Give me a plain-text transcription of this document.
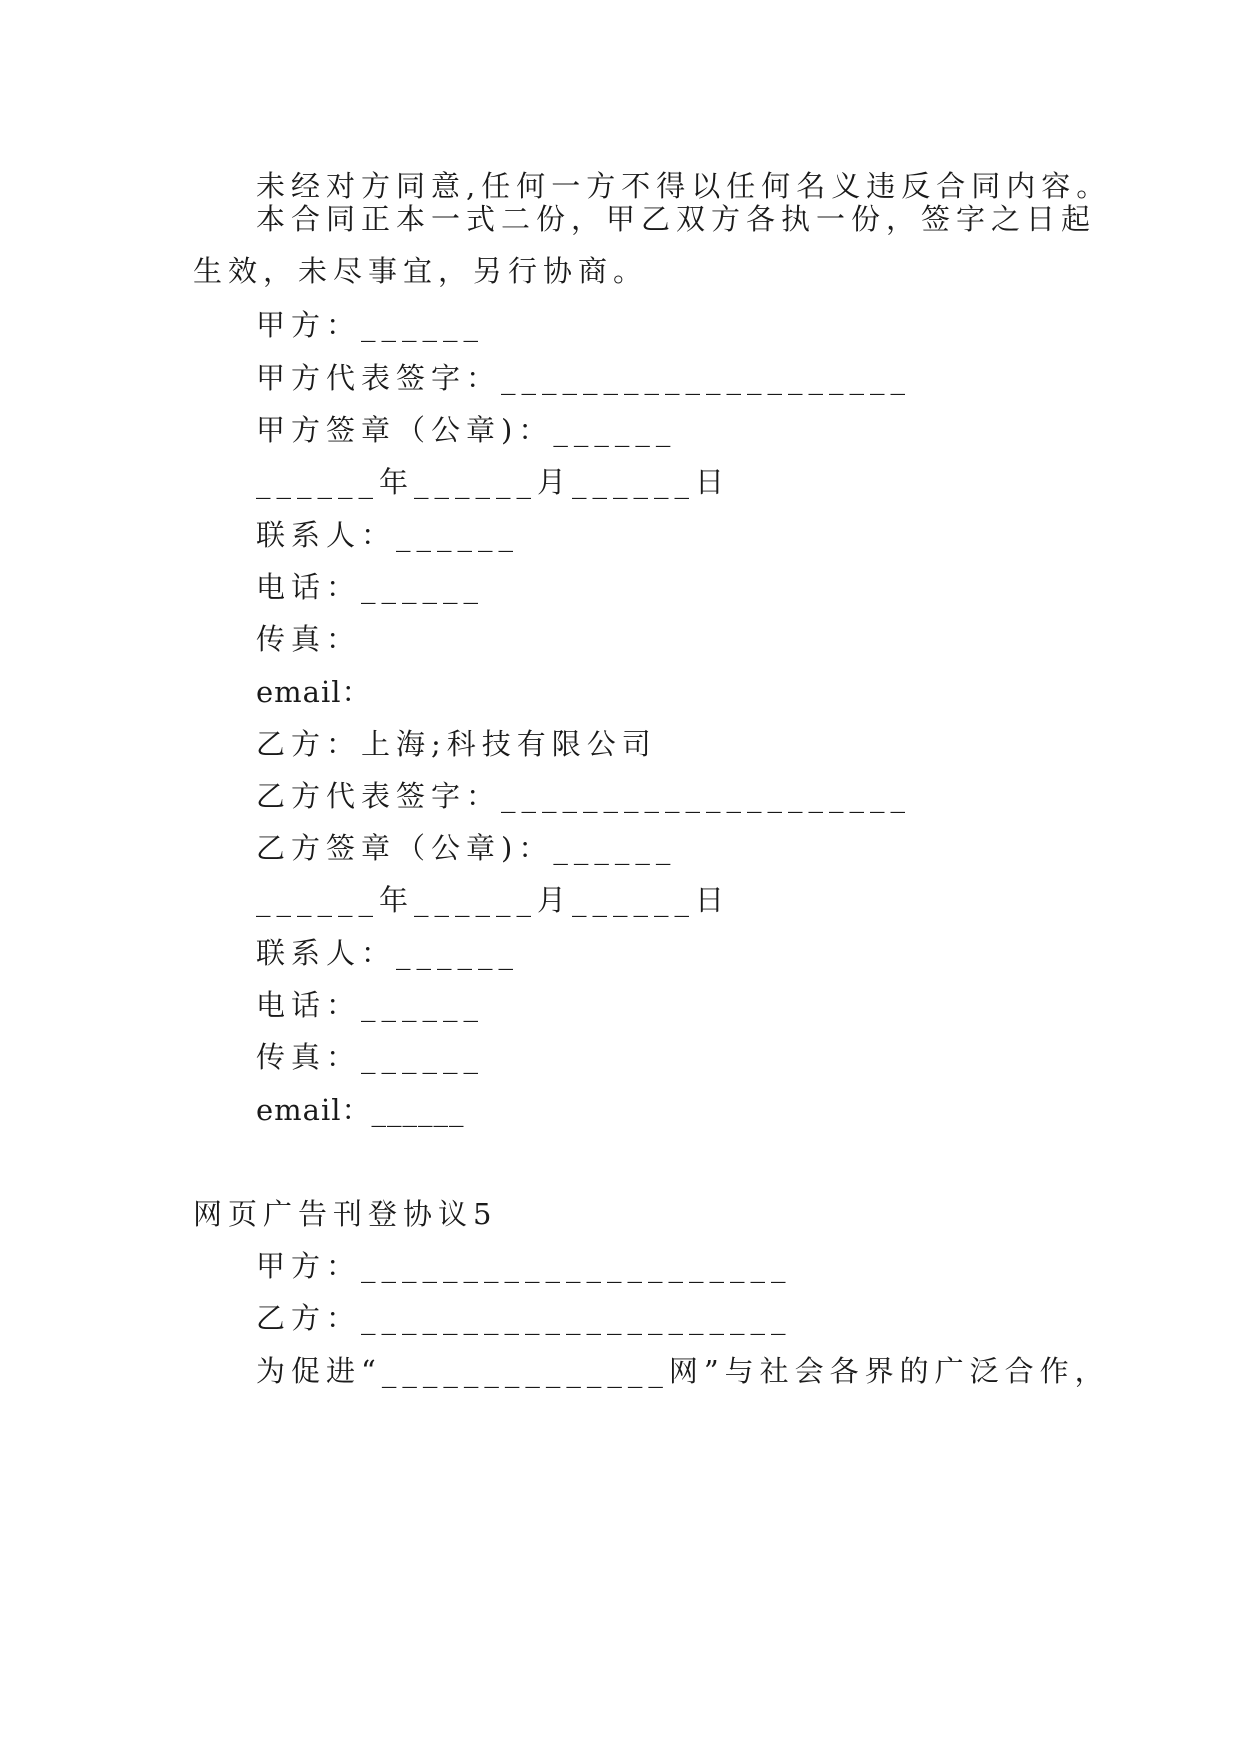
未经对方同意,任何一方不得以任何名义违反合同内容。
本合同正本一式二份，甲乙双方各执一份，签字之日起
生效，未尽事宜，另行协商。
甲方：______
甲方代表签字：____________________
甲方签章（公章)：______
______年______月______日
联系人：______
电话：______
传真：
email：
乙方：上海;科技有限公司
乙方代表签字：____________________
乙方签章（公章)：______
______年______月______日
联系人：______
电话：______
传真：______
email：______
网页广告刊登协议5
甲方：_____________________
乙方：_____________________
为促进“______________网”与社会各界的广泛合作，
